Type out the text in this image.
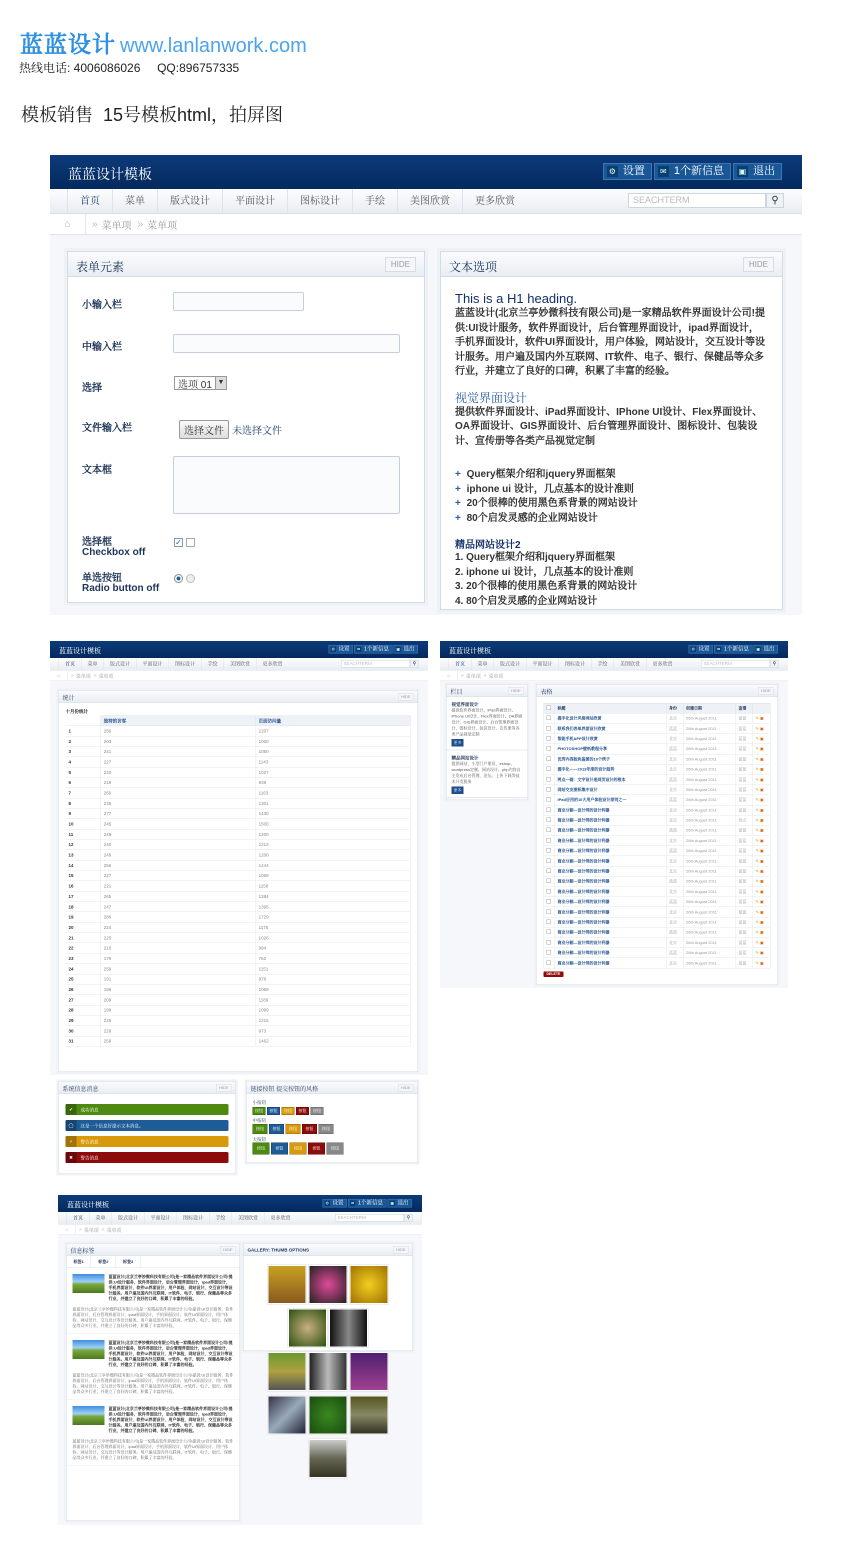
蓝蓝设计 www.lanlanwork.com
热线电话: 4006086026 QQ:896757335
模板销售  15号模板html，拍屏图
蓝蓝设计模板	⚙ 设置 ✉ 1个新信息 ▣ 退出
首页	菜单	版式设计	平面设计	图标设计	手绘	美图欣赏	更多欣赏	SEACHTERM	⚲
⌂	» 菜单项 » 菜单项
表单元素	HIDE
小输入栏
中输入栏
选择	选项 01 ▼
文件输入栏	选择文件 未选择文件
文本框
选择框
Checkbox off
✓
单选按钮
Radio button off
文本选项	HIDE
This is a H1 heading.
蓝蓝设计(北京兰亭妙微科技有限公司)是一家精品软件界面设计公司!提供:UI设计服务，软件界面设计，后台管理界面设计，ipad界面设计，手机界面设计，软件UI界面设计，用户体验，网站设计，交互设计等设计服务。用户遍及国内外互联网、IT软件、电子、银行、保健品等众多行业，并建立了良好的口碑，积累了丰富的经验。
视觉界面设计
提供软件界面设计、iPad界面设计、IPhone UI设计、Flex界面设计、OA界面设计、GIS界面设计、后台管理界面设计、图标设计、包装设计、宣传册等各类产品视觉定制
+ Query框架介绍和jquery界面框架
+ iphone ui 设计，几点基本的设计准则
+ 20个很棒的使用黑色系背景的网站设计
+ 80个启发灵感的企业网站设计
精品网站设计2
1. Query框架介绍和jquery界面框架
2. iphone ui 设计，几点基本的设计准则
3. 20个很棒的使用黑色系背景的网站设计
4. 80个启发灵感的企业网站设计
蓝蓝设计模板	⚙ 设置 ✉ 1个新信息 ▣ 退出
首页	菜单	版式设计	平面设计	图标设计	手绘	美图欣赏	更多欣赏	SEACHTERM	⚲
⌂	» 菜单项 » 菜单项
统计	HIDE
十月份统计
	独特的访客	页面访问量
1	256	1207
2	203	1000
3	241	1050
4	227	1143
5	220	1027
6	219	939
7	260	1163
8	235	1301
9	277	1430
10	245	1500
11	249	1200
12	240	1213
13	246	1200
14	256	1444
15	227	1069
16	221	1158
17	265	1384
18	247	1395
19	286	1729
20	224	1175
21	225	1026
22	216	994
23	179	762
24	259	1151
25	191	978
26	196	1069
27	209	1189
28	199	1099
29	225	1215
30	228	973
31	258	1462
系统信息消息	HIDE
✔ 成功消息
◯ 这是一个信息好提示文本消息。
⚡ 警告消息
✖ 警告消息
链接按钮 提交按钮的风格	HIDE
小按钮
按钮 按钮 按钮 按钮 按钮
中按钮
按钮 按钮 按钮 按钮 按钮
大按钮
按钮 按钮 按钮 按钮 按钮
蓝蓝设计模板	⚙ 设置 ✉ 1个新信息 ▣ 退出
首页	菜单	版式设计	平面设计	图标设计	手绘	美图欣赏	更多欣赏	SEACHTERM	⚲
⌂	» 菜单项 » 菜单项
栏目	HIDE
视觉界面设计
提供软件界面设计、iPad界面设计、iPhone UI设计、Flex界面设计、OA界面设计、GIS界面设计、后台管理界面设计、图标设计、包装设计、宣传册等各类产品视觉定制
更多
精品网站设计
提供网站、小型门户建设、eshop、wordpress定制、网站设计、php内容自主发布后台管理、论坛、上传下载等技术开发服务
更多
表格	HIDE
	标题	身份	创建日期	查看	
	握手化设计风格网站欣赏	北京	26th August 2011	蓝蓝	✎ ▣
	联系我们表单界面设计欣赏	蓝蓝	26th August 2011	蓝蓝	✎ ▣
	智能手机APP设计欣赏	北京	26th August 2011	蓝蓝	✎ ▣
	PHOTOSHOP壁纸教程分享	蓝蓝	26th August 2011	蓝蓝	✎ ▣
	优秀内容版块鉴赏的10个例子	北京	26th August 2011	蓝蓝	✎ ▣
	握手化——2013年度的设计趋势	北京	26th August 2011	蓝蓝	✎ ▣
	两点一画：文字设计是网页设计的根本	蓝蓝	26th August 2011	蓝蓝	✎ ▣
	网站交友图标集中设计	北京	26th August 2011	蓝蓝	✎ ▣
	iPad应用的10大用户体验设计原则之一	蓝蓝	26th August 2011	蓝蓝	✎ ▣
	商业分割—设计师的设计利器	北京	26th August 2011	蓝蓝	✎ ▣
	商业分割—设计师的设计利器	北京	26th August 2011	优点	✎ ▣
	商业分割—设计师的设计利器	蓝蓝	26th August 2011	蓝蓝	✎ ▣
	商业分割—设计师的设计利器	北京	26th August 2011	蓝蓝	✎ ▣
	商业分割—设计师的设计利器	蓝蓝	26th August 2011	蓝蓝	✎ ▣
	商业分割—设计师的设计利器	北京	26th August 2011	蓝蓝	✎ ▣
	商业分割—设计师的设计利器	北京	26th August 2011	蓝蓝	✎ ▣
	商业分割—设计师的设计利器	蓝蓝	26th August 2011	蓝蓝	✎ ▣
	商业分割—设计师的设计利器	北京	26th August 2011	蓝蓝	✎ ▣
	商业分割—设计师的设计利器	蓝蓝	26th August 2011	蓝蓝	✎ ▣
	商业分割—设计师的设计利器	北京	26th August 2011	蓝蓝	✎ ▣
	商业分割—设计师的设计利器	北京	26th August 2011	蓝蓝	✎ ▣
	商业分割—设计师的设计利器	蓝蓝	26th August 2011	蓝蓝	✎ ▣
	商业分割—设计师的设计利器	北京	26th August 2011	蓝蓝	✎ ▣
	商业分割—设计师的设计利器	蓝蓝	26th August 2011	蓝蓝	✎ ▣
	商业分割—设计师的设计利器	北京	26th August 2011	蓝蓝	✎ ▣
DELETE
蓝蓝设计模板	⚙ 设置 ✉ 1个新信息 ▣ 退出
首页	菜单	版式设计	平面设计	图标设计	手绘	美图欣赏	更多欣赏	SEACHTERM	⚲
⌂	» 菜单项 » 菜单项
信息标签	HIDE
标签1	标签2	标签3
蓝蓝设计(北京兰亭妙微科技有限公司)是一家精品软件界面设计公司!提供:UI设计服务，软件界面设计，后台管理界面设计，ipad界面设计，手机界面设计，软件UI界面设计，用户体验，网站设计，交互设计等设计服务。用户遍及国内外互联网、IT软件、电子、银行、保健品等众多行业，并建立了良好的口碑，积累了丰富的经验。
蓝蓝设计(北京兰亭妙微科技有限公司)是一家精品软件界面设计公司!提供:UI设计服务，软件界面设计，后台管理界面设计，ipad界面设计，手机界面设计，软件UI界面设计，用户体验，网站设计，交互设计等设计服务。用户遍及国内外互联网、IT软件、电子、银行、保健品等众多行业，并建立了良好的口碑，积累了丰富的经验。
蓝蓝设计(北京兰亭妙微科技有限公司)是一家精品软件界面设计公司!提供:UI设计服务，软件界面设计，后台管理界面设计，ipad界面设计，手机界面设计，软件UI界面设计，用户体验，网站设计，交互设计等设计服务。用户遍及国内外互联网、IT软件、电子、银行、保健品等众多行业，并建立了良好的口碑，积累了丰富的经验。
蓝蓝设计(北京兰亭妙微科技有限公司)是一家精品软件界面设计公司!提供:UI设计服务，软件界面设计，后台管理界面设计，ipad界面设计，手机界面设计，软件UI界面设计，用户体验，网站设计，交互设计等设计服务。用户遍及国内外互联网、IT软件、电子、银行、保健品等众多行业，并建立了良好的口碑，积累了丰富的经验。
蓝蓝设计(北京兰亭妙微科技有限公司)是一家精品软件界面设计公司!提供:UI设计服务，软件界面设计，后台管理界面设计，ipad界面设计，手机界面设计，软件UI界面设计，用户体验，网站设计，交互设计等设计服务。用户遍及国内外互联网、IT软件、电子、银行、保健品等众多行业，并建立了良好的口碑，积累了丰富的经验。
蓝蓝设计(北京兰亭妙微科技有限公司)是一家精品软件界面设计公司!提供:UI设计服务，软件界面设计，后台管理界面设计，ipad界面设计，手机界面设计，软件UI界面设计，用户体验，网站设计，交互设计等设计服务。用户遍及国内外互联网、IT软件、电子、银行、保健品等众多行业，并建立了良好的口碑，积累了丰富的经验。
GALLERY: THUMB OPTIONS	HIDE
